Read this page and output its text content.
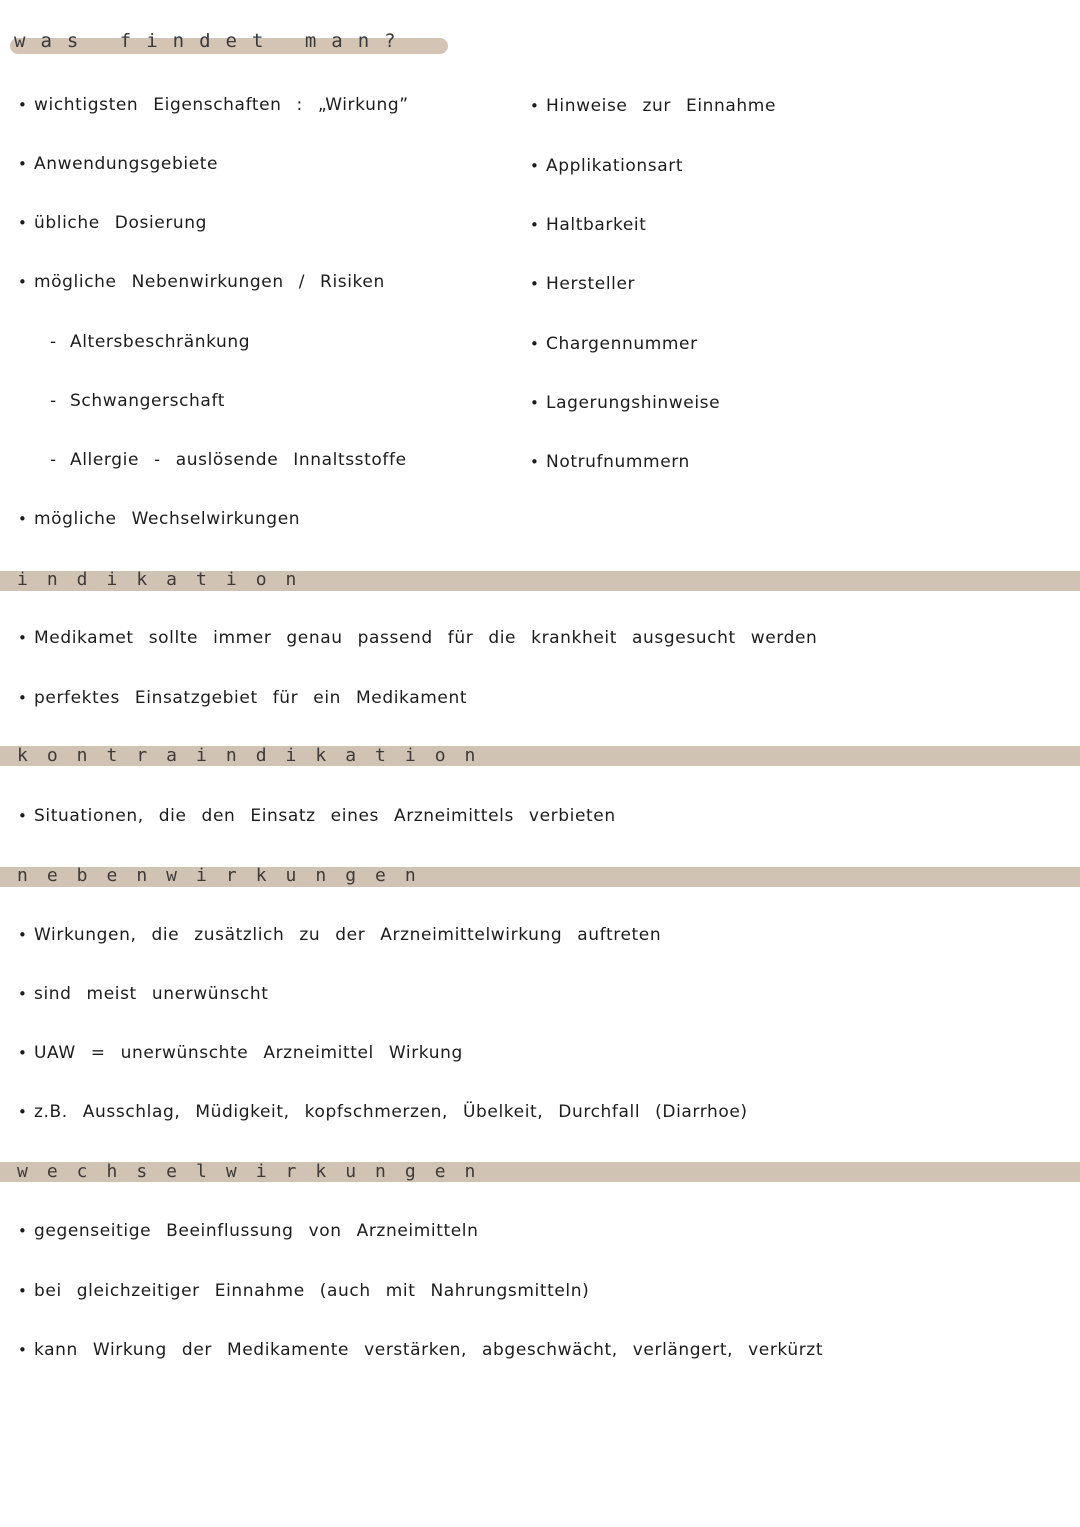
was findet man?
• wichtigsten Eigenschaften : „Wirkung”
• Anwendungsgebiete
• übliche Dosierung
• mögliche Nebenwirkungen / Risiken
- Altersbeschränkung
- Schwangerschaft
- Allergie - auslösende Innaltsstoffe
• mögliche Wechselwirkungen
• Hinweise zur Einnahme
• Applikationsart
• Haltbarkeit
• Hersteller
• Chargennummer
• Lagerungshinweise
• Notrufnummern
indikation
• Medikamet sollte immer genau passend für die krankheit ausgesucht werden
• perfektes Einsatzgebiet für ein Medikament
kontraindikation
• Situationen, die den Einsatz eines Arzneimittels verbieten
nebenwirkungen
• Wirkungen, die zusätzlich zu der Arzneimittelwirkung auftreten
• sind meist unerwünscht
• UAW = unerwünschte Arzneimittel Wirkung
• z.B. Ausschlag, Müdigkeit, kopfschmerzen, Übelkeit, Durchfall (Diarrhoe)
wechselwirkungen
• gegenseitige Beeinflussung von Arzneimitteln
• bei gleichzeitiger Einnahme (auch mit Nahrungsmitteln)
• kann Wirkung der Medikamente verstärken, abgeschwächt, verlängert, verkürzt
